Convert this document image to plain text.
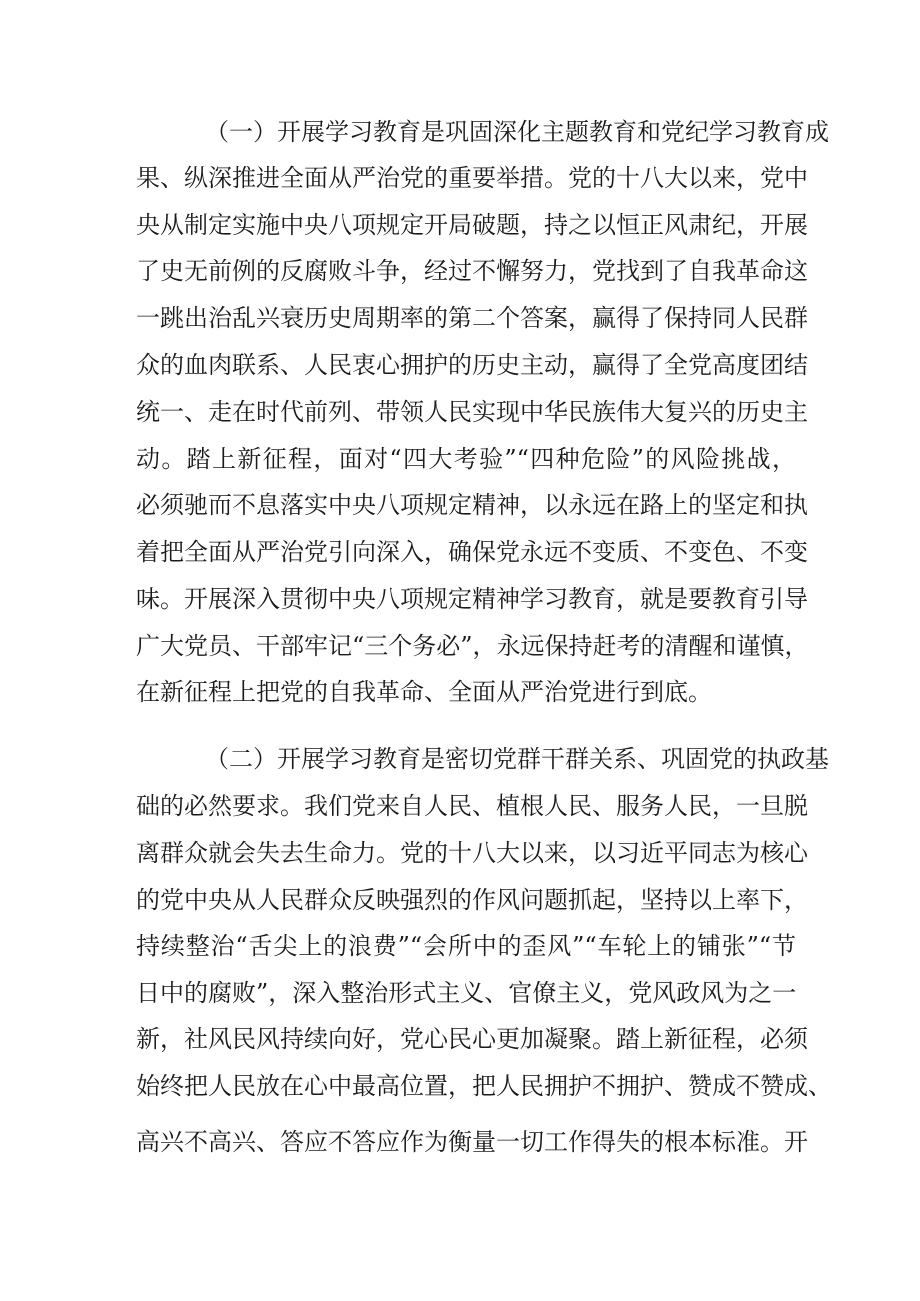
（一）开展学习教育是巩固深化主题教育和党纪学习教育成
果、纵深推进全面从严治党的重要举措。党的十八大以来，党中
央从制定实施中央八项规定开局破题，持之以恒正风肃纪，开展
了史无前例的反腐败斗争，经过不懈努力，党找到了自我革命这
一跳出治乱兴衰历史周期率的第二个答案，赢得了保持同人民群
众的血肉联系、人民衷心拥护的历史主动，赢得了全党高度团结
统一、走在时代前列、带领人民实现中华民族伟大复兴的历史主
动。踏上新征程，面对“四大考验”“四种危险”的风险挑战，
必须驰而不息落实中央八项规定精神，以永远在路上的坚定和执
着把全面从严治党引向深入，确保党永远不变质、不变色、不变
味。开展深入贯彻中央八项规定精神学习教育，就是要教育引导
广大党员、干部牢记“三个务必”，永远保持赶考的清醒和谨慎，
在新征程上把党的自我革命、全面从严治党进行到底。
（二）开展学习教育是密切党群干群关系、巩固党的执政基
础的必然要求。我们党来自人民、植根人民、服务人民，一旦脱
离群众就会失去生命力。党的十八大以来，以习近平同志为核心
的党中央从人民群众反映强烈的作风问题抓起，坚持以上率下，
持续整治“舌尖上的浪费”“会所中的歪风”“车轮上的铺张”“节
日中的腐败”，深入整治形式主义、官僚主义，党风政风为之一
新，社风民风持续向好，党心民心更加凝聚。踏上新征程，必须
始终把人民放在心中最高位置，把人民拥护不拥护、赞成不赞成、
高兴不高兴、答应不答应作为衡量一切工作得失的根本标准。开
